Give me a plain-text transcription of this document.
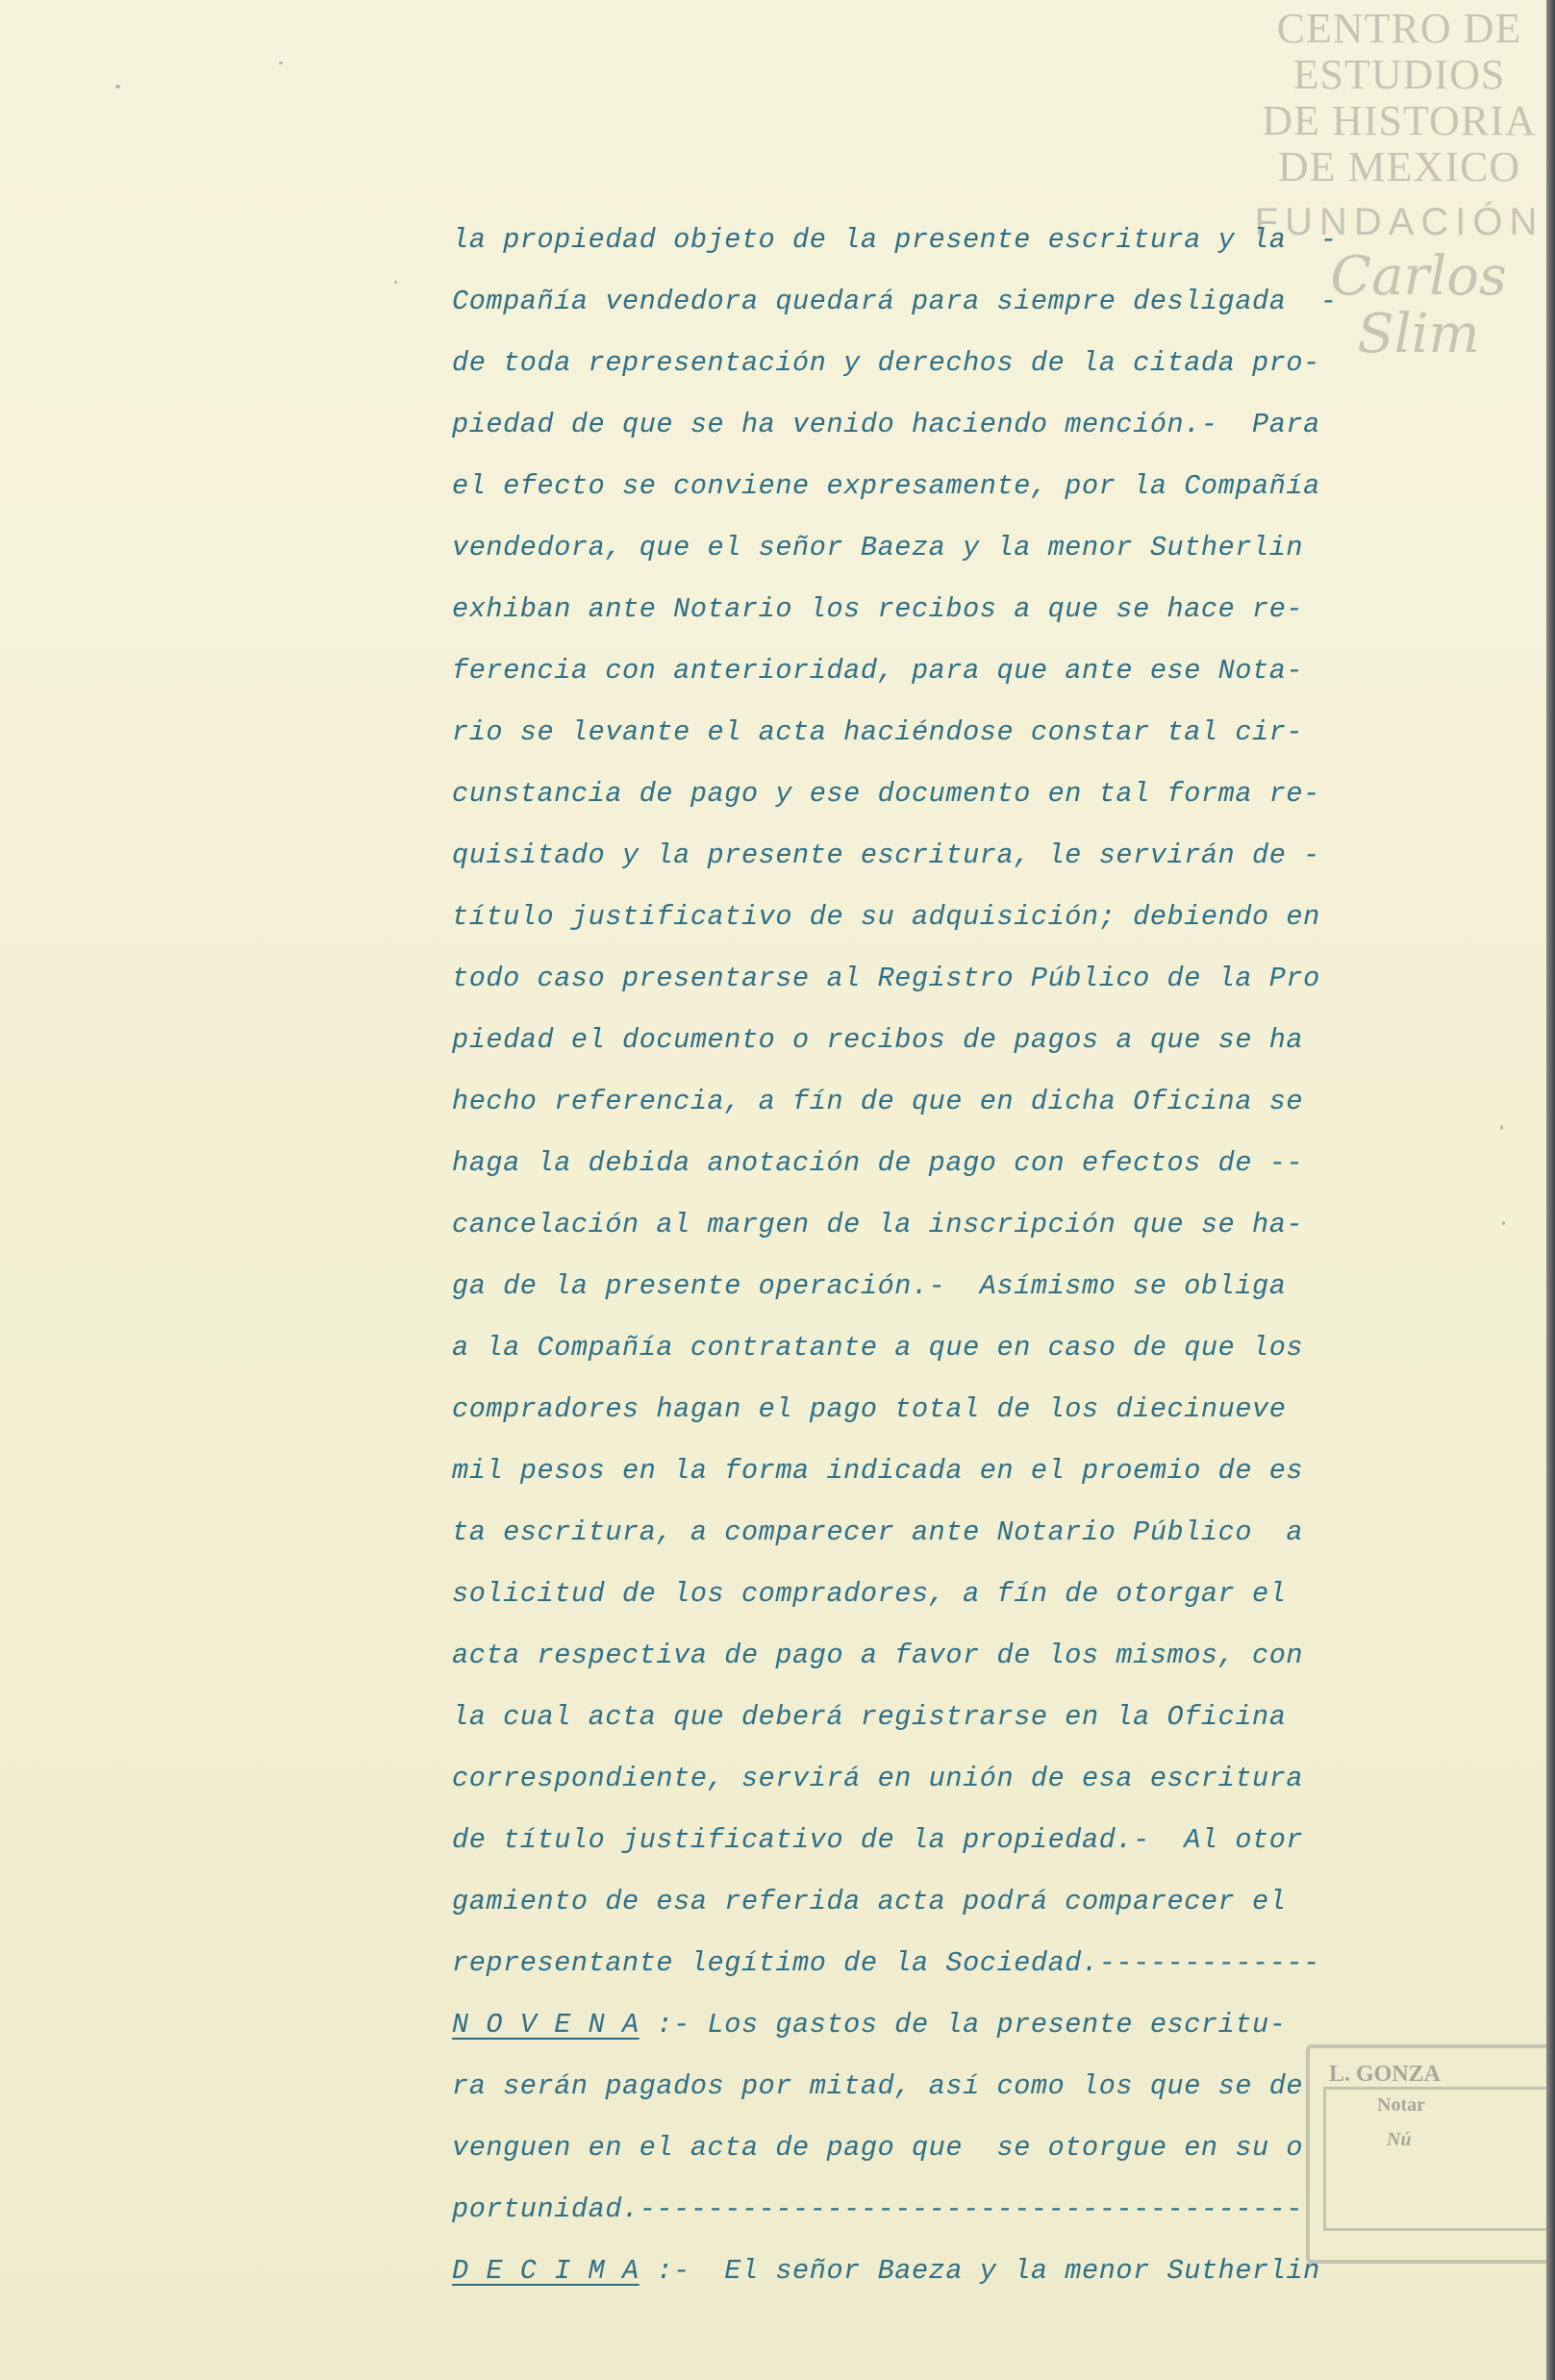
CENTRO DE
ESTUDIOS
DE HISTORIA
DE MEXICO
FUNDACIÓN
Carlos Slim
la propiedad objeto de la presente escritura y la  -
Compañía vendedora quedará para siempre desligada  -
de toda representación y derechos de la citada pro-
piedad de que se ha venido haciendo mención.-  Para
el efecto se conviene expresamente, por la Compañía
vendedora, que el señor Baeza y la menor Sutherlin
exhiban ante Notario los recibos a que se hace re-
ferencia con anterioridad, para que ante ese Nota-
rio se levante el acta haciéndose constar tal cir-
cunstancia de pago y ese documento en tal forma re-
quisitado y la presente escritura, le servirán de -
título justificativo de su adquisición; debiendo en
todo caso presentarse al Registro Público de la Pro
piedad el documento o recibos de pagos a que se ha
hecho referencia, a fín de que en dicha Oficina se
haga la debida anotación de pago con efectos de --
cancelación al margen de la inscripción que se ha-
ga de la presente operación.-  Asímismo se obliga
a la Compañía contratante a que en caso de que los
compradores hagan el pago total de los diecinueve
mil pesos en la forma indicada en el proemio de es
ta escritura, a comparecer ante Notario Público  a
solicitud de los compradores, a fín de otorgar el
acta respectiva de pago a favor de los mismos, con
la cual acta que deberá registrarse en la Oficina
correspondiente, servirá en unión de esa escritura
de título justificativo de la propiedad.-  Al otor
gamiento de esa referida acta podrá comparecer el
representante legítimo de la Sociedad.-------------
N O V E N A :- Los gastos de la presente escritu-
ra serán pagados por mitad, así como los que se de
venguen en el acta de pago que  se otorgue en su o
portunidad.---------------------------------------
D E C I M A :-  El señor Baeza y la menor Sutherlin
L. GONZA
Notar
Nú
